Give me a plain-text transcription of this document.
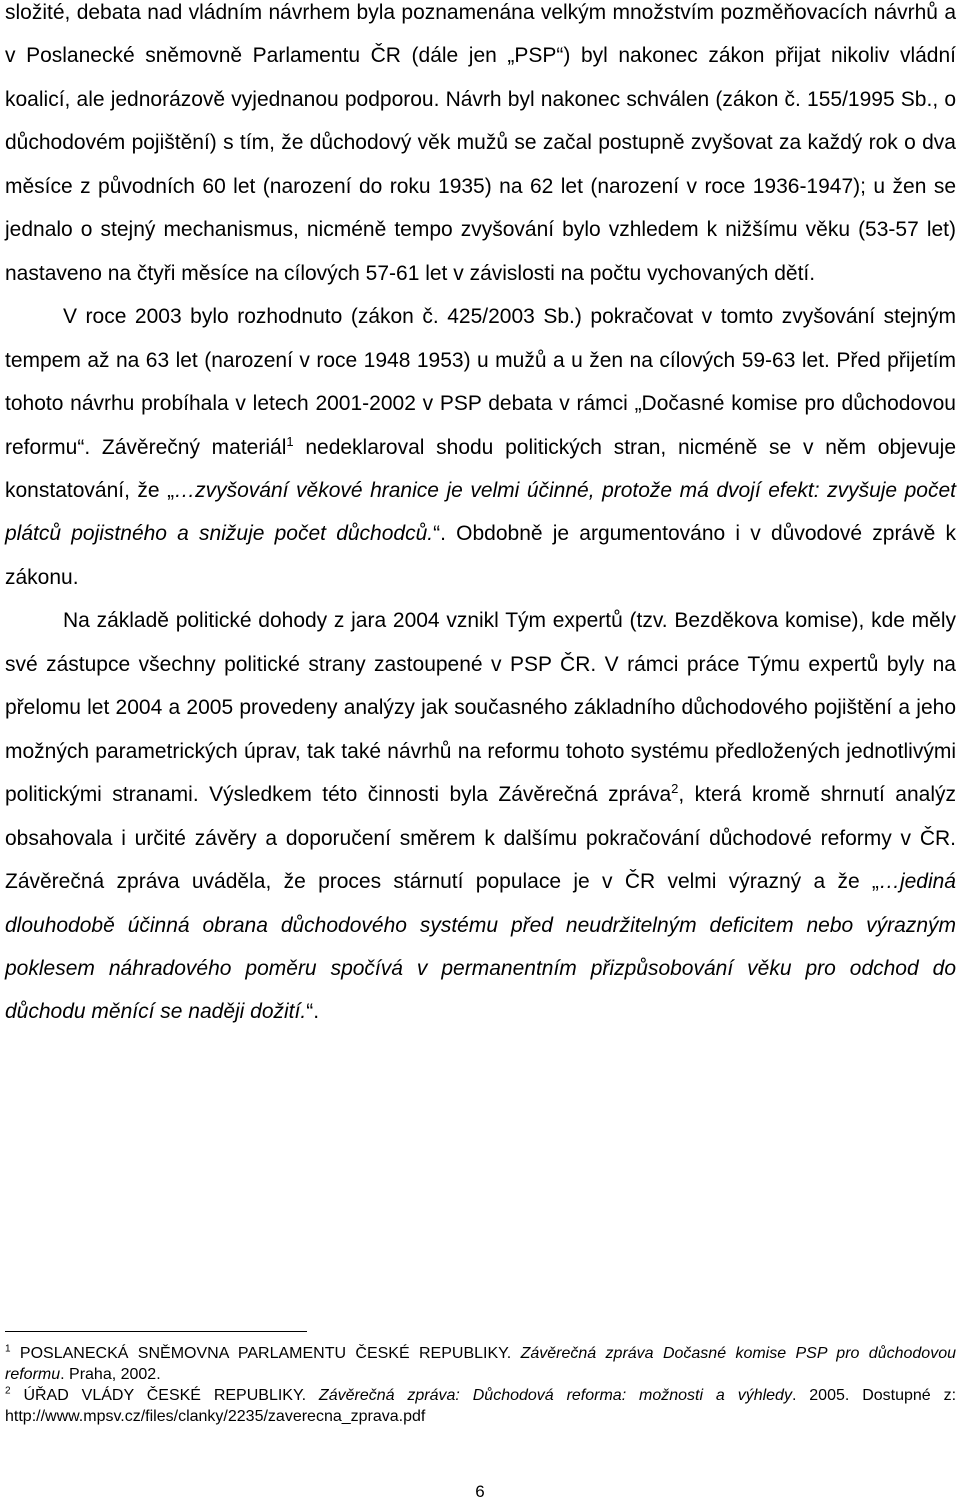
složité, debata nad vládním návrhem byla poznamenána velkým množstvím pozměňovacích návrhů a v Poslanecké sněmovně Parlamentu ČR (dále jen „PSP“) byl nakonec zákon přijat nikoliv vládní koalicí, ale jednorázově vyjednanou podporou. Návrh byl nakonec schválen (zákon č. 155/1995 Sb., o důchodovém pojištění) s tím, že důchodový věk mužů se začal postupně zvyšovat za každý rok o dva měsíce z původních 60 let (narození do roku 1935) na 62 let (narození v roce 1936-1947); u žen se jednalo o stejný mechanismus, nicméně tempo zvyšování bylo vzhledem k nižšímu věku (53-57 let) nastaveno na čtyři měsíce na cílových 57-61 let v závislosti na počtu vychovaných dětí.

V roce 2003 bylo rozhodnuto (zákon č. 425/2003 Sb.) pokračovat v tomto zvyšování stejným tempem až na 63 let (narození v roce 1948 1953) u mužů a u žen na cílových 59-63 let. Před přijetím tohoto návrhu probíhala v letech 2001-2002 v PSP debata v rámci „Dočasné komise pro důchodovou reformu“. Závěrečný materiál$^1$ nedeklaroval shodu politických stran, nicméně se v něm objevuje konstatování, že „…zvyšování věkové hranice je velmi účinné, protože má dvojí efekt: zvyšuje počet plátců pojistného a snižuje počet důchodců.“. Obdobně je argumentováno i v důvodové zprávě k zákonu.

Na základě politické dohody z jara 2004 vznikl Tým expertů (tzv. Bezděkova komise), kde měly své zástupce všechny politické strany zastoupené v PSP ČR. V rámci práce Týmu expertů byly na přelomu let 2004 a 2005 provedeny analýzy jak současného základního důchodového pojištění a jeho možných parametrických úprav, tak také návrhů na reformu tohoto systému předložených jednotlivými politickými stranami. Výsledkem této činnosti byla Závěrečná zpráva$^2$, která kromě shrnutí analýz obsahovala i určité závěry a doporučení směrem k dalšímu pokračování důchodové reformy v ČR. Závěrečná zpráva uváděla, že proces stárnutí populace je v ČR velmi výrazný a že „…jediná dlouhodobě účinná obrana důchodového systému před neudržitelným deficitem nebo výrazným poklesem náhradového poměru spočívá v permanentním přizpůsobování věku pro odchod do důchodu měnící se naději dožití.“.

$^1$ POSLANECKÁ SNĚMOVNA PARLAMENTU ČESKÉ REPUBLIKY. Závěrečná zpráva Dočasné komise PSP pro důchodovou reformu. Praha, 2002.

$^2$ ÚŘAD VLÁDY ČESKÉ REPUBLIKY. Závěrečná zpráva: Důchodová reforma: možnosti a výhledy. 2005. Dostupné z: http://www.mpsv.cz/files/clanky/2235/zaverecna_zprava.pdf

6
